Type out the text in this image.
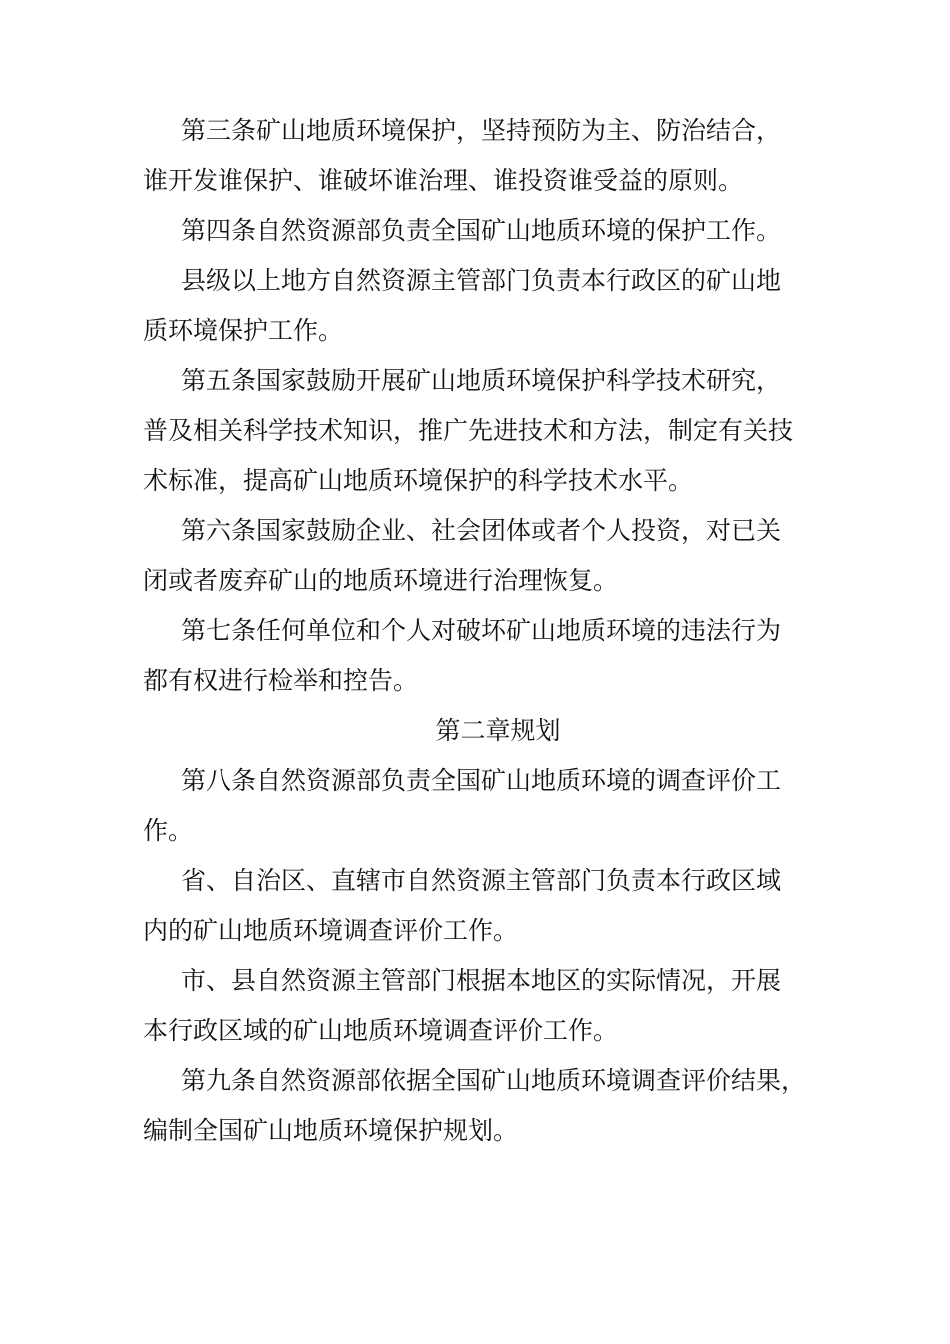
第三条矿山地质环境保护，坚持预防为主、防治结合，
谁开发谁保护、谁破坏谁治理、谁投资谁受益的原则。
第四条自然资源部负责全国矿山地质环境的保护工作。
县级以上地方自然资源主管部门负责本行政区的矿山地
质环境保护工作。
第五条国家鼓励开展矿山地质环境保护科学技术研究，
普及相关科学技术知识，推广先进技术和方法，制定有关技
术标准，提高矿山地质环境保护的科学技术水平。
第六条国家鼓励企业、社会团体或者个人投资，对已关
闭或者废弃矿山的地质环境进行治理恢复。
第七条任何单位和个人对破坏矿山地质环境的违法行为
都有权进行检举和控告。
第二章规划
第八条自然资源部负责全国矿山地质环境的调查评价工
作。
省、自治区、直辖市自然资源主管部门负责本行政区域
内的矿山地质环境调查评价工作。
市、县自然资源主管部门根据本地区的实际情况，开展
本行政区域的矿山地质环境调查评价工作。
第九条自然资源部依据全国矿山地质环境调查评价结果，
编制全国矿山地质环境保护规划。
